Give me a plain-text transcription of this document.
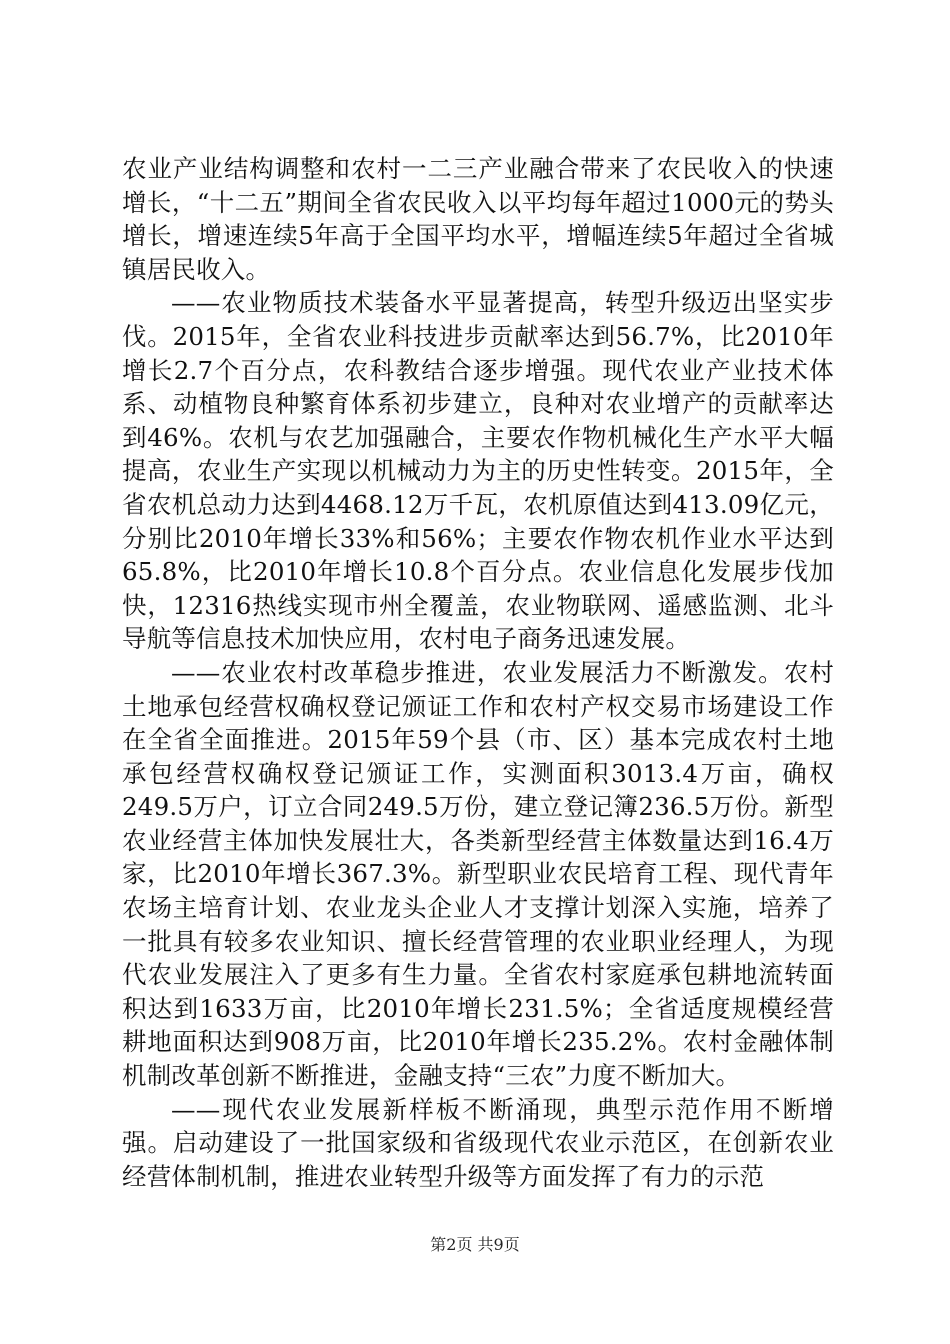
农业产业结构调整和农村一二三产业融合带来了农民收入的快速增长，“十二五”期间全省农民收入以平均每年超过1000元的势头增长，增速连续5年高于全国平均水平，增幅连续5年超过全省城镇居民收入。

——农业物质技术装备水平显著提高，转型升级迈出坚实步伐。2015年，全省农业科技进步贡献率达到56.7%，比2010年增长2.7个百分点，农科教结合逐步增强。现代农业产业技术体系、动植物良种繁育体系初步建立，良种对农业增产的贡献率达到46%。农机与农艺加强融合，主要农作物机械化生产水平大幅提高，农业生产实现以机械动力为主的历史性转变。2015年，全省农机总动力达到4468.12万千瓦，农机原值达到413.09亿元，分别比2010年增长33%和56%；主要农作物农机作业水平达到65.8%，比2010年增长10.8个百分点。农业信息化发展步伐加快，12316热线实现市州全覆盖，农业物联网、遥感监测、北斗导航等信息技术加快应用，农村电子商务迅速发展。

——农业农村改革稳步推进，农业发展活力不断激发。农村土地承包经营权确权登记颁证工作和农村产权交易市场建设工作在全省全面推进。2015年59个县（市、区）基本完成农村土地承包经营权确权登记颁证工作，实测面积3013.4万亩，确权249.5万户，订立合同249.5万份，建立登记簿236.5万份。新型农业经营主体加快发展壮大，各类新型经营主体数量达到16.4万家，比2010年增长367.3%。新型职业农民培育工程、现代青年农场主培育计划、农业龙头企业人才支撑计划深入实施，培养了一批具有较多农业知识、擅长经营管理的农业职业经理人，为现代农业发展注入了更多有生力量。全省农村家庭承包耕地流转面积达到1633万亩，比2010年增长231.5%；全省适度规模经营耕地面积达到908万亩，比2010年增长235.2%。农村金融体制机制改革创新不断推进，金融支持“三农”力度不断加大。

——现代农业发展新样板不断涌现，典型示范作用不断增强。启动建设了一批国家级和省级现代农业示范区，在创新农业经营体制机制，推进农业转型升级等方面发挥了有力的示范

第2页 共9页
